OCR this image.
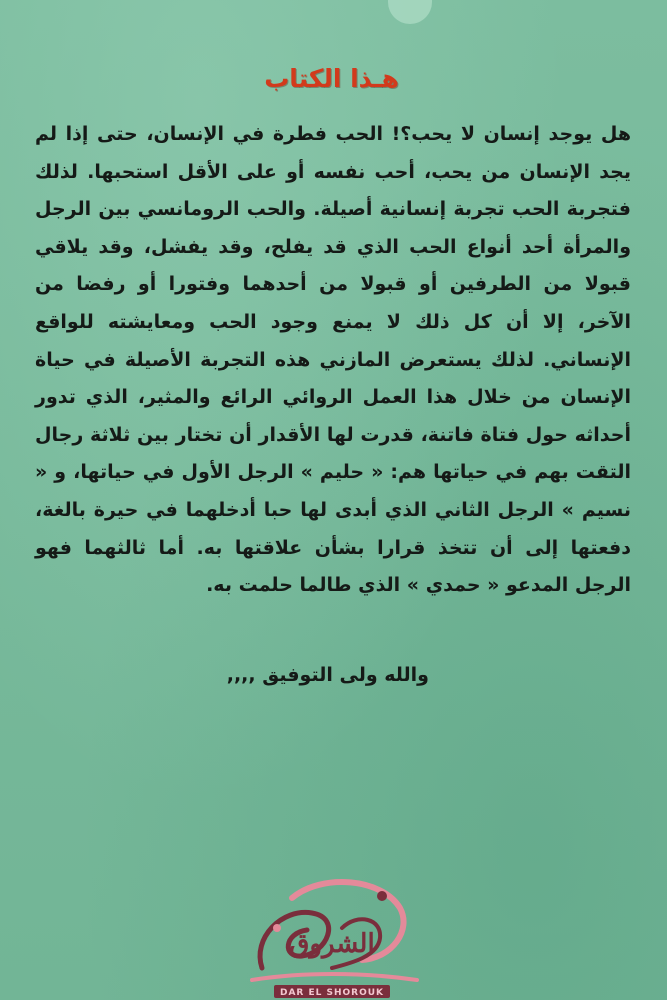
هـذا الكتاب
هل يوجد إنسان لا يحب؟! الحب فطرة في الإنسان، حتى إذا لم يجد الإنسان من يحب، أحب نفسه أو على الأقل استحبها. لذلك فتجربة الحب تجربة إنسانية أصيلة. والحب الرومانسي بين الرجل والمرأة أحد أنواع الحب الذي قد يفلح، وقد يفشل، وقد يلاقي قبولا من الطرفين أو قبولا من أحدهما وفتورا أو رفضا من الآخر، إلا أن كل ذلك لا يمنع وجود الحب ومعايشته للواقع الإنساني. لذلك يستعرض المازني هذه التجربة الأصيلة في حياة الإنسان من خلال هذا العمل الروائي الرائع والمثير، الذي تدور أحداثه حول فتاة فاتنة، قدرت لها الأقدار أن تختار بين ثلاثة رجال التقت بهم في حياتها هم: « حليم » الرجل الأول في حياتها، و « نسيم » الرجل الثاني الذي أبدى لها حبا أدخلهما في حيرة بالغة، دفعتها إلى أن تتخذ قرارا بشأن علاقتها به. أما ثالثهما فهو الرجل المدعو « حمدي » الذي طالما حلمت به.
والله ولى التوفيق ,,,,
الشروق
DAR EL SHOROUK
